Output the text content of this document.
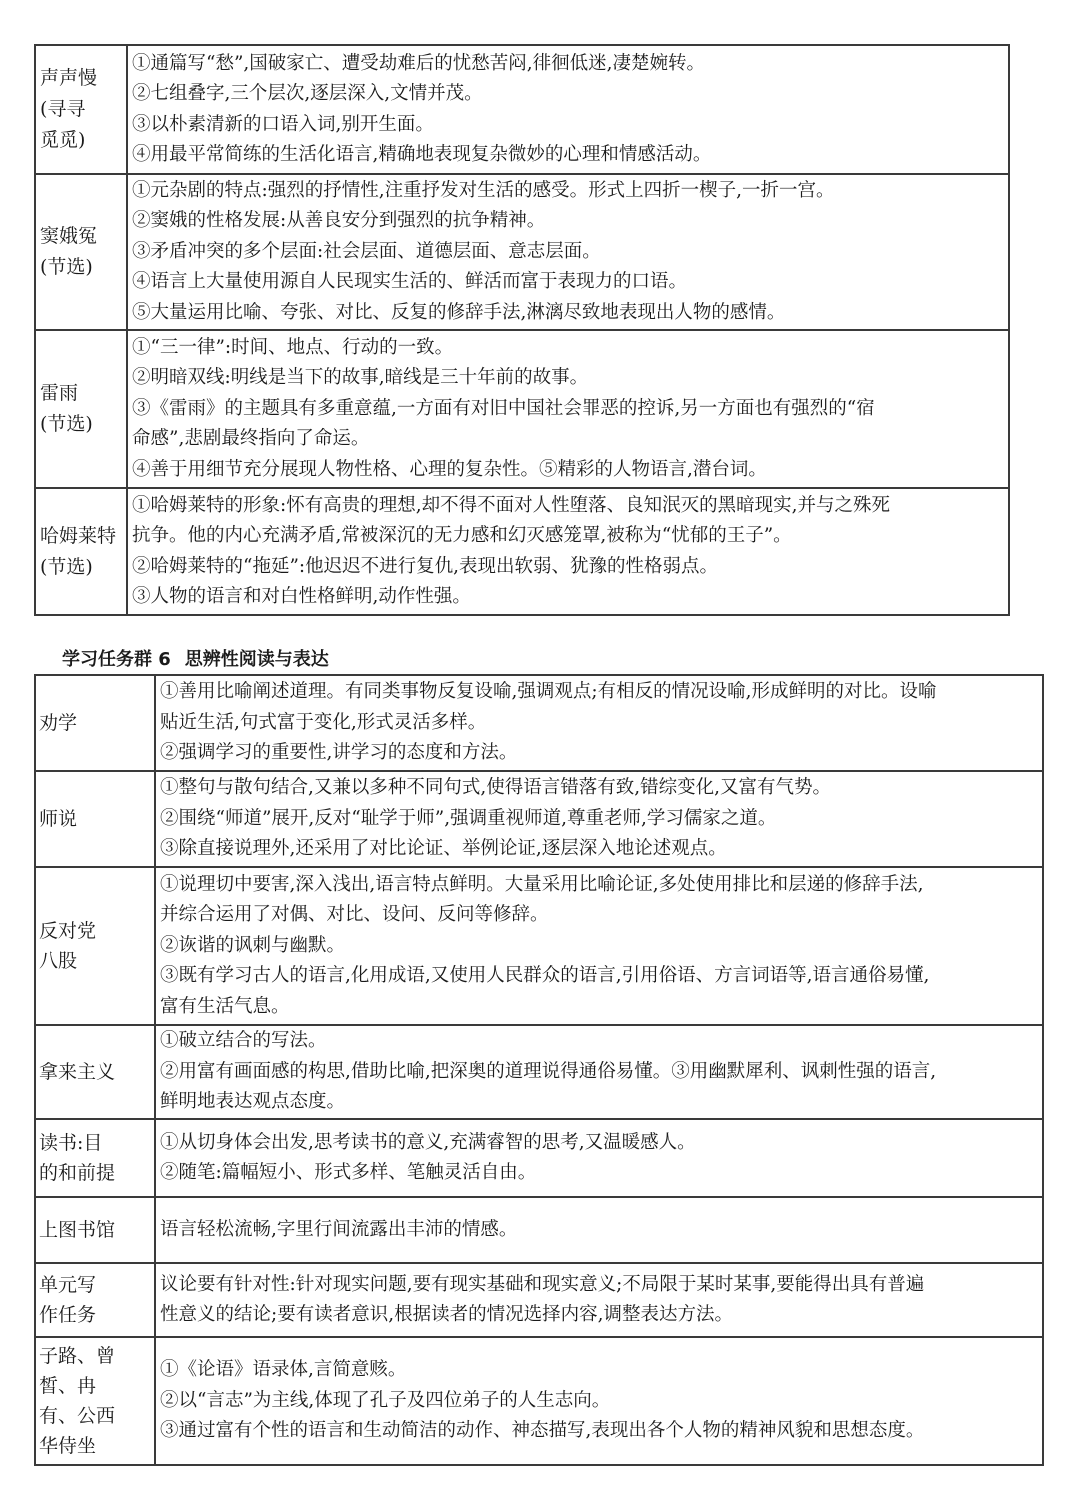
声声慢
(寻寻
觅觅)	①通篇写“愁”,国破家亡、遭受劫难后的忧愁苦闷,徘徊低迷,凄楚婉转。
②七组叠字,三个层次,逐层深入,文情并茂。
③以朴素清新的口语入词,别开生面。
④用最平常简练的生活化语言,精确地表现复杂微妙的心理和情感活动。

窦娥冤
(节选)	①元杂剧的特点:强烈的抒情性,注重抒发对生活的感受。形式上四折一楔子,一折一宫。
②窦娥的性格发展:从善良安分到强烈的抗争精神。
③矛盾冲突的多个层面:社会层面、道德层面、意志层面。
④语言上大量使用源自人民现实生活的、鲜活而富于表现力的口语。
⑤大量运用比喻、夸张、对比、反复的修辞手法,淋漓尽致地表现出人物的感情。

雷雨
(节选)	①“三一律”:时间、地点、行动的一致。
②明暗双线:明线是当下的故事,暗线是三十年前的故事。
③《雷雨》的主题具有多重意蕴,一方面有对旧中国社会罪恶的控诉,另一方面也有强烈的“宿
命感”,悲剧最终指向了命运。
④善于用细节充分展现人物性格、心理的复杂性。⑤精彩的人物语言,潜台词。

哈姆莱特
(节选)	①哈姆莱特的形象:怀有高贵的理想,却不得不面对人性堕落、良知泯灭的黑暗现实,并与之殊死
抗争。他的内心充满矛盾,常被深沉的无力感和幻灭感笼罩,被称为“忧郁的王子”。
②哈姆莱特的“拖延”:他迟迟不进行复仇,表现出软弱、犹豫的性格弱点。
③人物的语言和对白性格鲜明,动作性强。
学习任务群 6 思辨性阅读与表达
劝学	①善用比喻阐述道理。有同类事物反复设喻,强调观点;有相反的情况设喻,形成鲜明的对比。设喻
贴近生活,句式富于变化,形式灵活多样。
②强调学习的重要性,讲学习的态度和方法。

师说	①整句与散句结合,又兼以多种不同句式,使得语言错落有致,错综变化,又富有气势。
②围绕“师道”展开,反对“耻学于师”,强调重视师道,尊重老师,学习儒家之道。
③除直接说理外,还采用了对比论证、举例论证,逐层深入地论述观点。

反对党
八股	①说理切中要害,深入浅出,语言特点鲜明。大量采用比喻论证,多处使用排比和层递的修辞手法,
并综合运用了对偶、对比、设问、反问等修辞。
②诙谐的讽刺与幽默。
③既有学习古人的语言,化用成语,又使用人民群众的语言,引用俗语、方言词语等,语言通俗易懂,
富有生活气息。

拿来主义	①破立结合的写法。
②用富有画面感的构思,借助比喻,把深奥的道理说得通俗易懂。③用幽默犀利、讽刺性强的语言,
鲜明地表达观点态度。

读书:目
的和前提	①从切身体会出发,思考读书的意义,充满睿智的思考,又温暖感人。
②随笔:篇幅短小、形式多样、笔触灵活自由。

上图书馆	语言轻松流畅,字里行间流露出丰沛的情感。

单元写
作任务	议论要有针对性:针对现实问题,要有现实基础和现实意义;不局限于某时某事,要能得出具有普遍
性意义的结论;要有读者意识,根据读者的情况选择内容,调整表达方法。

子路、曾
皙、冉
有、公西
华侍坐	①《论语》语录体,言简意赅。
②以“言志”为主线,体现了孔子及四位弟子的人生志向。
③通过富有个性的语言和生动简洁的动作、神态描写,表现出各个人物的精神风貌和思想态度。
